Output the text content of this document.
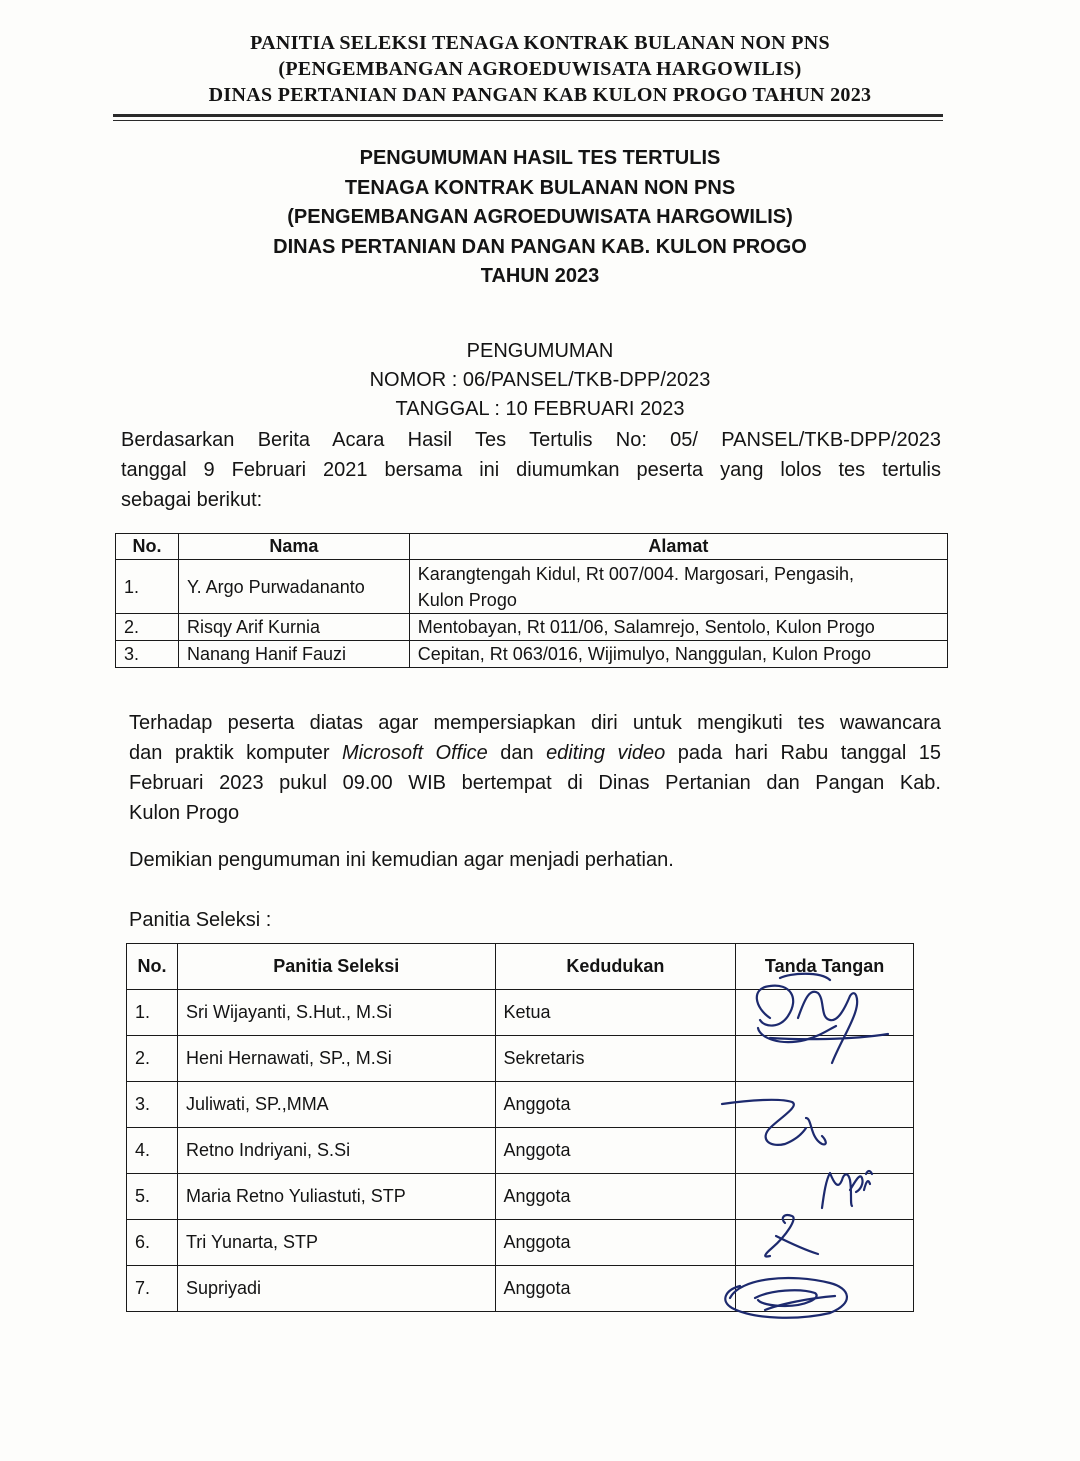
PANITIA SELEKSI TENAGA KONTRAK BULANAN NON PNS
(PENGEMBANGAN AGROEDUWISATA HARGOWILIS)
DINAS PERTANIAN DAN PANGAN KAB KULON PROGO TAHUN 2023
PENGUMUMAN HASIL TES TERTULIS
TENAGA KONTRAK BULANAN NON PNS
(PENGEMBANGAN AGROEDUWISATA HARGOWILIS)
DINAS PERTANIAN DAN PANGAN KAB. KULON PROGO
TAHUN 2023
PENGUMUMAN
NOMOR : 06/PANSEL/TKB-DPP/2023
TANGGAL : 10 FEBRUARI 2023
Berdasarkan Berita Acara Hasil Tes Tertulis No: 05/ PANSEL/TKB-DPP/2023
tanggal 9 Februari 2021 bersama ini diumumkan peserta yang lolos tes tertulis
sebagai berikut:
No.	Nama	Alamat
1.	Y. Argo Purwadananto	Karangtengah Kidul, Rt 007/004. Margosari, Pengasih,
Kulon Progo

2.	Risqy Arif Kurnia	Mentobayan, Rt 011/06, Salamrejo, Sentolo, Kulon Progo
3.	Nanang Hanif Fauzi	Cepitan, Rt 063/016, Wijimulyo, Nanggulan, Kulon Progo
Terhadap peserta diatas agar mempersiapkan diri untuk mengikuti tes wawancara
dan praktik komputer Microsoft Office dan editing video pada hari Rabu tanggal 15
Februari 2023 pukul 09.00 WIB bertempat di Dinas Pertanian dan Pangan Kab.
Kulon Progo
Demikian pengumuman ini kemudian agar menjadi perhatian.
Panitia Seleksi :
No.	Panitia Seleksi	Kedudukan	Tanda Tangan
1.	Sri Wijayanti, S.Hut., M.Si	Ketua	
2.	Heni Hernawati, SP., M.Si	Sekretaris	
3.	Juliwati, SP.,MMA	Anggota	
4.	Retno Indriyani, S.Si	Anggota	
5.	Maria Retno Yuliastuti, STP	Anggota	
6.	Tri Yunarta, STP	Anggota	
7.	Supriyadi	Anggota	
